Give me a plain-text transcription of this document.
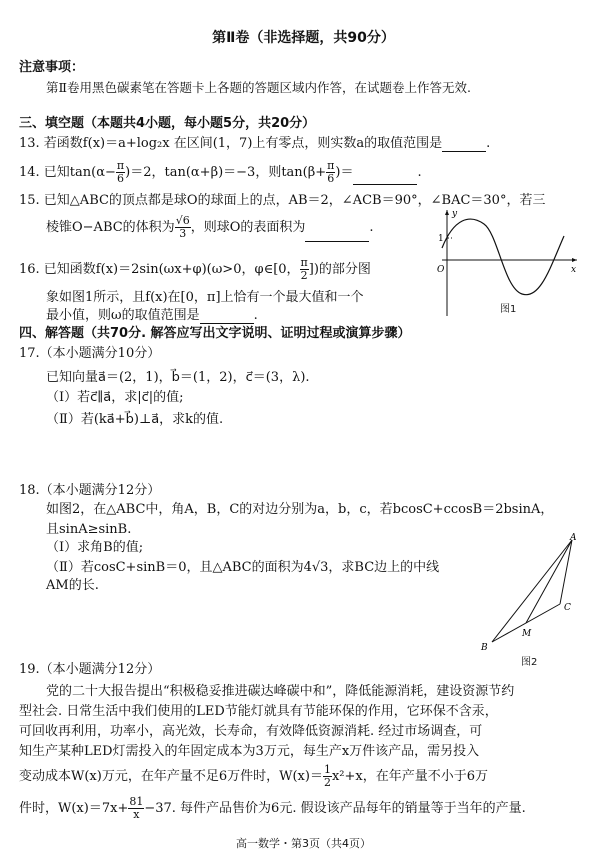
第Ⅱ卷（非选择题，共90分）
注意事项：
第Ⅱ卷用黑色碳素笔在答题卡上各题的答题区域内作答，在试题卷上作答无效.
三、填空题（本题共4小题，每小题5分，共20分）
13. 若函数f(x)＝a+log₂x 在区间(1，7)上有零点，则实数a的取值范围是	.
14. 已知$\tan(\alpha- \frac{\pi}{6} )=2$，tan(α+β)＝−3，则$\tan(\beta+ \frac{\pi}{6}$ )＝	.
15. 已知△ABC的顶点都是球O的球面上的点，AB＝2，∠ACB＝90°，∠BAC＝30°，若三
棱锥O−ABC的体积为 $\frac{√6}{3}$ ，则球O的表面积为	.
16. 已知函数f(x)＝2sin(ωx+φ)(ω>0，φ∈[0， $\frac{\pi}{2}$ ])的部分图
象如图1所示，且f(x)在[0，π]上恰有一个最大值和一个
最小值，则ω的取值范围是	.
y
x
O
1
图1
四、解答题（共70分. 解答应写出文字说明、证明过程或演算步骤）
17.（本小题满分10分）
已知向量a⃗＝(2，1)，b⃗＝(1，2)，c⃗＝(3，λ).
（Ⅰ）若c⃗∥a⃗，求|c⃗|的值;
（Ⅱ）若(ka⃗+b⃗)⊥a⃗，求k的值.
18.（本小题满分12分）
如图2，在△ABC中，角A，B，C的对边分别为a，b，c，若bcosC+ccosB＝2bsinA，
且sinA≥sinB.
（Ⅰ）求角B的值;
（Ⅱ）若cosC+sinB＝0，且△ABC的面积为4√3，求BC边上的中线
AM的长.
A
B
C
M
图2
19.（本小题满分12分）
党的二十大报告提出“积极稳妥推进碳达峰碳中和”，降低能源消耗，建设资源节约
型社会. 日常生活中我们使用的LED节能灯就具有节能环保的作用，它环保不含汞，
可回收再利用，功率小，高光效，长寿命，有效降低资源消耗. 经过市场调查，可
知生产某种LED灯需投入的年固定成本为3万元，每生产x万件该产品，需另投入
变动成本W(x)万元，在年产量不足6万件时，$W(x)= \frac{1}{2} x^2+x$，在年产量不小于6万
件时，$W(x)=7x+ \frac{81}{x} -37$. 每件产品售价为6元. 假设该产品每年的销量等于当年的产量.
高一数学・第3页（共4页）
